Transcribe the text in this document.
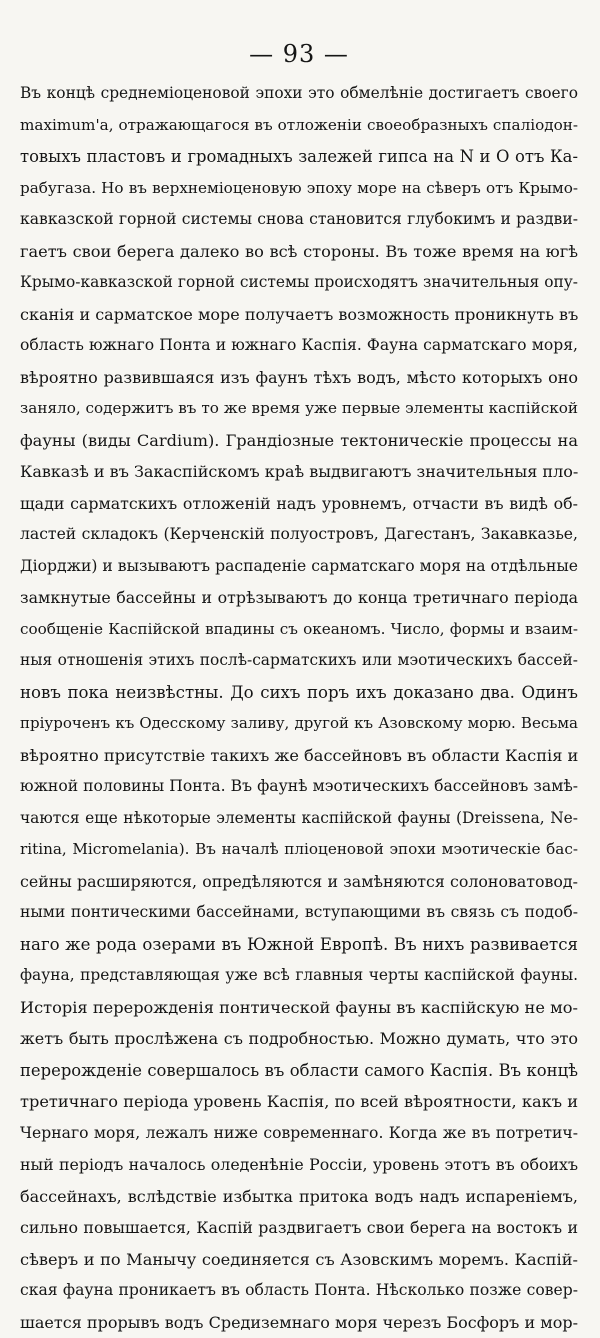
— 93 —
Въ концѣ среднеміоценовой эпохи это обмелѣніе достигаетъ своего
maximum'a, отражающагося въ отложеніи своеобразныхъ спаліодон-
товыхъ пластовъ и громадныхъ залежей гипса на N и O отъ Ка-
рабугаза. Но въ верхнеміоценовую эпоху море на сѣверъ отъ Крымо-
кавказской горной системы снова становится глубокимъ и раздви-
гаетъ свои берега далеко во всѣ стороны. Въ тоже время на югѣ
Крымо-кавказской горной системы происходятъ значительныя опу-
сканія и сарматское море получаетъ возможность проникнуть въ
область южнаго Понта и южнаго Каспія. Фауна сарматскаго моря,
вѣроятно развившаяся изъ фаунъ тѣхъ водъ, мѣсто которыхъ оно
заняло, содержитъ въ то же время уже первые элементы каспійской
фауны (виды Cardium). Грандіозные тектоническіе процессы на
Кавказѣ и въ Закаспійскомъ краѣ выдвигаютъ значительныя пло-
щади сарматскихъ отложеній надъ уровнемъ, отчасти въ видѣ об-
ластей складокъ (Керченскій полуостровъ, Дагестанъ, Закавказье,
Діорджи) и вызываютъ распаденіе сарматскаго моря на отдѣльные
замкнутые бассейны и отрѣзываютъ до конца третичнаго періода
сообщеніе Каспійской впадины съ океаномъ. Число, формы и взаим-
ныя отношенія этихъ послѣ-сарматскихъ или мэотическихъ бассей-
новъ пока неизвѣстны. До сихъ поръ ихъ доказано два. Одинъ
пріуроченъ къ Одесскому заливу, другой къ Азовскому морю. Весьма
вѣроятно присутствіе такихъ же бассейновъ въ области Каспія и
южной половины Понта. Въ фаунѣ мэотическихъ бассейновъ замѣ-
чаются еще нѣкоторые элементы каспійской фауны (Dreissena, Ne-
ritina, Micromelania). Въ началѣ пліоценовой эпохи мэотическіе бас-
сейны расширяются, опредѣляются и замѣняются солоноватовод-
ными понтическими бассейнами, вступающими въ связь съ подоб-
наго же рода озерами въ Южной Европѣ. Въ нихъ развивается
фауна, представляющая уже всѣ главныя черты каспійской фауны.
Исторія перерожденія понтической фауны въ каспійскую не мо-
жетъ быть прослѣжена съ подробностью. Можно думать, что это
перерожденіе совершалось въ области самого Каспія. Въ концѣ
третичнаго періода уровень Каспія, по всей вѣроятности, какъ и
Чернаго моря, лежалъ ниже современнаго. Когда же въ потретич-
ный періодъ началось оледенѣніе Россіи, уровень этотъ въ обоихъ
бассейнахъ, вслѣдствіе избытка притока водъ надъ испареніемъ,
сильно повышается, Каспій раздвигаетъ свои берега на востокъ и
сѣверъ и по Манычу соединяется съ Азовскимъ моремъ. Каспій-
ская фауна проникаетъ въ область Понта. Нѣсколько позже совер-
шается прорывъ водъ Средиземнаго моря черезъ Босфоръ и мор-
